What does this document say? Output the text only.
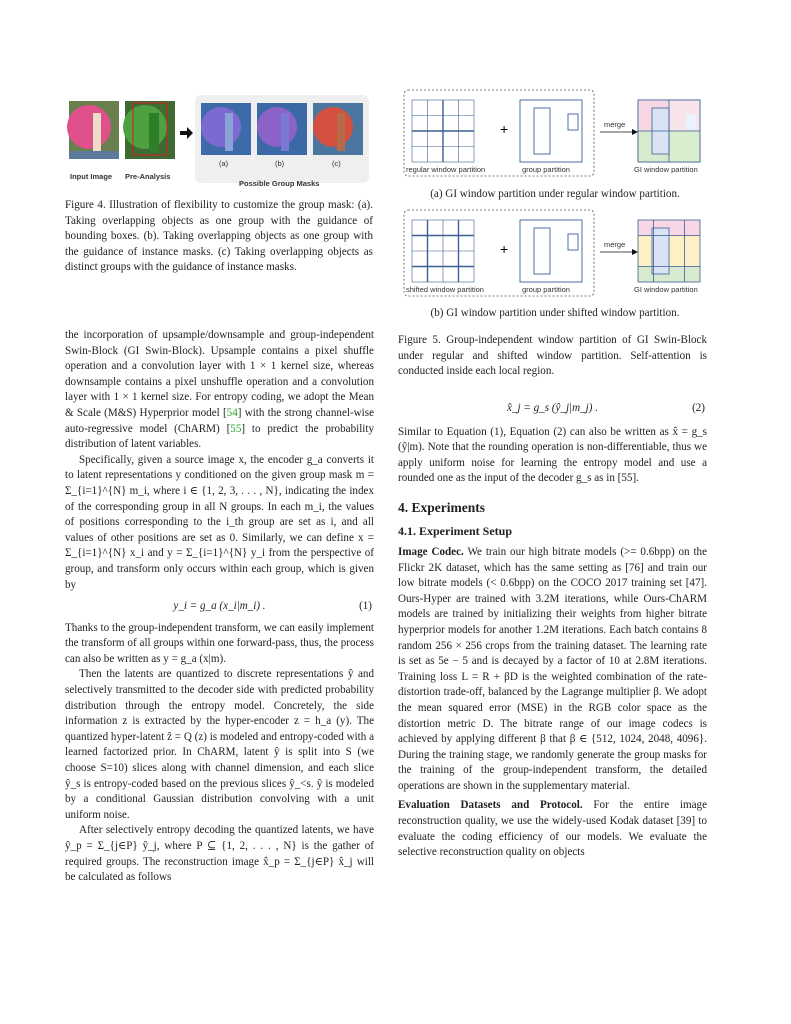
Input Image Pre-Analysis
(a)	(b)	(c)
Possible Group Masks
Figure 4. Illustration of flexibility to customize the group mask: (a). Taking overlapping objects as one group with the guidance of bounding boxes. (b). Taking overlapping objects as one group with the guidance of instance masks. (c) Taking overlapping objects as distinct groups with the guidance of instance masks.
+
+
regular window partition	group partition	GI window partition
merge
(a) GI window partition under regular window partition.
shifted window partition	group partition	GI window partition
merge
(b) GI window partition under shifted window partition.
Figure 5. Group-independent window partition of GI Swin-Block under regular and shifted window partition. Self-attention is conducted inside each local region.

the incorporation of upsample/downsample and group-independent Swin-Block (GI Swin-Block). Upsample contains a pixel shuffle operation and a convolution layer with 1 × 1 kernel size, whereas downsample contains a pixel unshuffle operation and a convolution layer with 1 × 1 kernel size. For entropy coding, we adopt the Mean & Scale (M&S) Hyperprior model [54] with the strong channel-wise auto-regressive model (ChARM) [55] to predict the probability distribution of latent variables.

Specifically, given a source image x, the encoder g_a converts it to latent representations y conditioned on the given group mask m = Σ_{i=1}^{N} m_i, where i ∈ {1, 2, 3, . . . , N}, indicating the index of the corresponding group in all N groups. In each m_i, the values of positions corresponding to the i_th group are set as i, and all values of other positions are set as 0. Similarly, we can define x = Σ_{i=1}^{N} x_i and y = Σ_{i=1}^{N} y_i from the perspective of group, and transform only occurs within each group, which is given by

y_i = g_a (x_i|m_i) .	(1)

Thanks to the group-independent transform, we can easily implement the transform of all groups within one forward-pass, thus, the process can also be written as y = g_a (x|m).

Then the latents are quantized to discrete representations ŷ and selectively transmitted to the decoder side with predicted probability distribution through the entropy model. Concretely, the side information z is extracted by the hyper-encoder z = h_a (y). The quantized hyper-latent ẑ = Q (z) is modeled and entropy-coded with a learned factorized prior. In ChARM, latent ŷ is split into S (we choose S=10) slices along with channel dimension, and each slice ŷ_s is entropy-coded based on the previous slices ŷ_<s. ŷ is modeled by a conditional Gaussian distribution convolving with a unit uniform noise.

After selectively entropy decoding the quantized latents, we have ŷ_p = Σ_{j∈P} ŷ_j, where P ⊆ {1, 2, . . . , N} is the gather of required groups. The reconstruction image x̂_p = Σ_{j∈P} x̂_j will be calculated as follows

x̂_j = g_s (ŷ_j|m_j) .	(2)

Similar to Equation (1), Equation (2) can also be written as x̂ = g_s (ŷ|m). Note that the rounding operation is non-differentiable, thus we apply uniform noise for learning the entropy model and use a rounded one as the input of the decoder g_s as in [55].

4. Experiments
4.1. Experiment Setup

Image Codec. We train our high bitrate models (>= 0.6bpp) on the Flickr 2K dataset, which has the same setting as [76] and train our low bitrate models (< 0.6bpp) on the COCO 2017 training set [47]. Ours-Hyper are trained with 3.2M iterations, while Ours-ChARM models are trained by initializing their weights from higher bitrate hyperprior models for another 1.2M iterations. Each batch contains 8 random 256 × 256 crops from the training dataset. The learning rate is set as 5e − 5 and is decayed by a factor of 10 at 2.8M iterations. Training loss L = R + βD is the weighted combination of the rate-distortion trade-off, balanced by the Lagrange multiplier β. We adopt the mean squared error (MSE) in the RGB color space as the distortion metric D. The bitrate range of our image codecs is achieved by applying different β that β ∈ {512, 1024, 2048, 4096}. During the training stage, we randomly generate the group masks for the training of the group-independent transform, the detailed operations are shown in the supplementary material.

Evaluation Datasets and Protocol. For the entire image reconstruction quality, we use the widely-used Kodak dataset [39] to evaluate the coding efficiency of our models. We evaluate the selective reconstruction quality on objects
